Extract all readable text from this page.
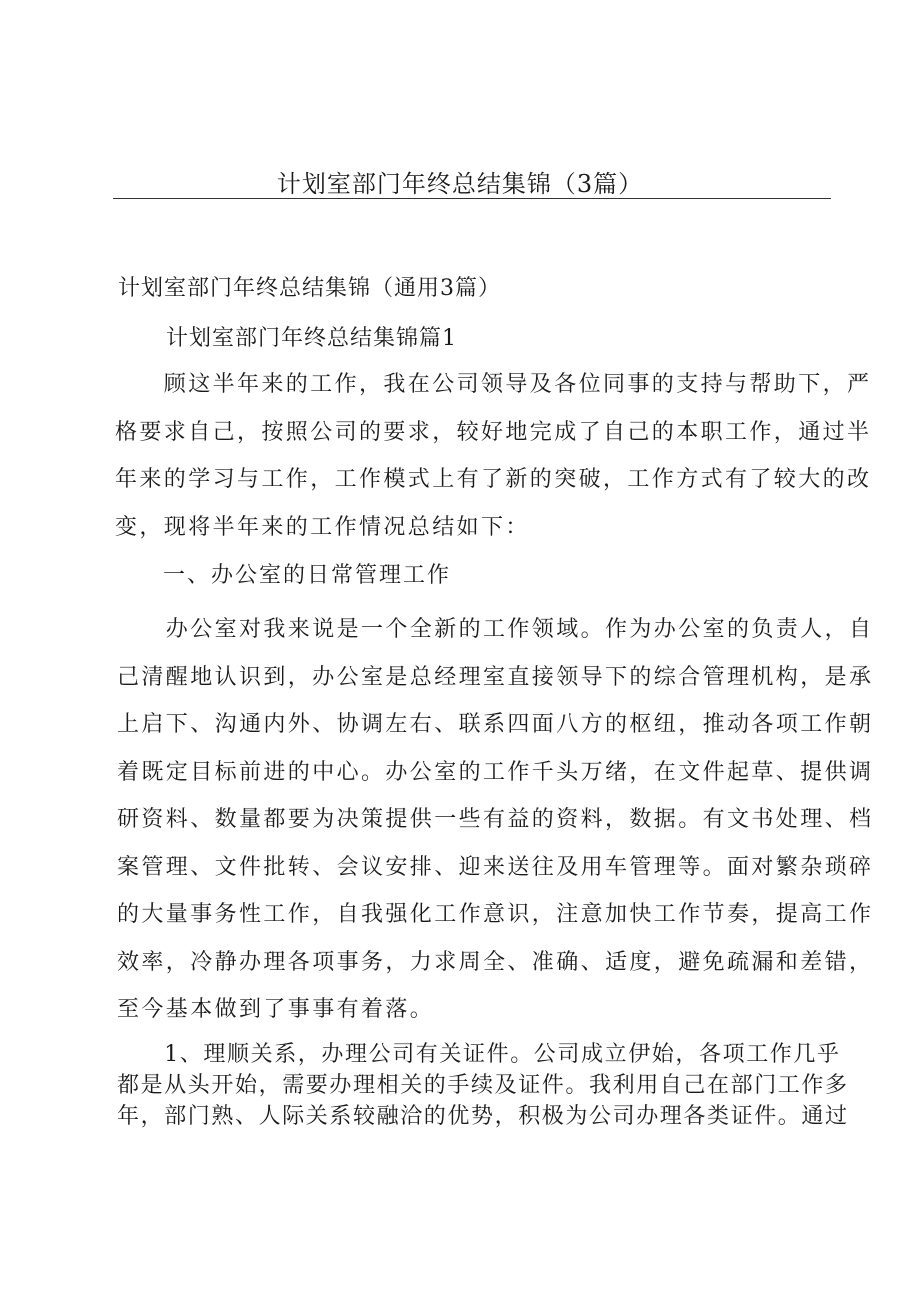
计划室部门年终总结集锦（3篇）
计划室部门年终总结集锦（通用3篇）
计划室部门年终总结集锦篇1
　　顾这半年来的工作，我在公司领导及各位同事的支持与帮助下，严
格要求自己，按照公司的要求，较好地完成了自己的本职工作，通过半
年来的学习与工作，工作模式上有了新的突破，工作方式有了较大的改
变，现将半年来的工作情况总结如下：
一、办公室的日常管理工作
　　办公室对我来说是一个全新的工作领域。作为办公室的负责人，自
己清醒地认识到，办公室是总经理室直接领导下的综合管理机构，是承
上启下、沟通内外、协调左右、联系四面八方的枢纽，推动各项工作朝
着既定目标前进的中心。办公室的工作千头万绪，在文件起草、提供调
研资料、数量都要为决策提供一些有益的资料，数据。有文书处理、档
案管理、文件批转、会议安排、迎来送往及用车管理等。面对繁杂琐碎
的大量事务性工作，自我强化工作意识，注意加快工作节奏，提高工作
效率，冷静办理各项事务，力求周全、准确、适度，避免疏漏和差错，
至今基本做到了事事有着落。
　　1、理顺关系，办理公司有关证件。公司成立伊始，各项工作几乎
都是从头开始，需要办理相关的手续及证件。我利用自己在部门工作多
年，部门熟、人际关系较融洽的优势，积极为公司办理各类证件。通过
